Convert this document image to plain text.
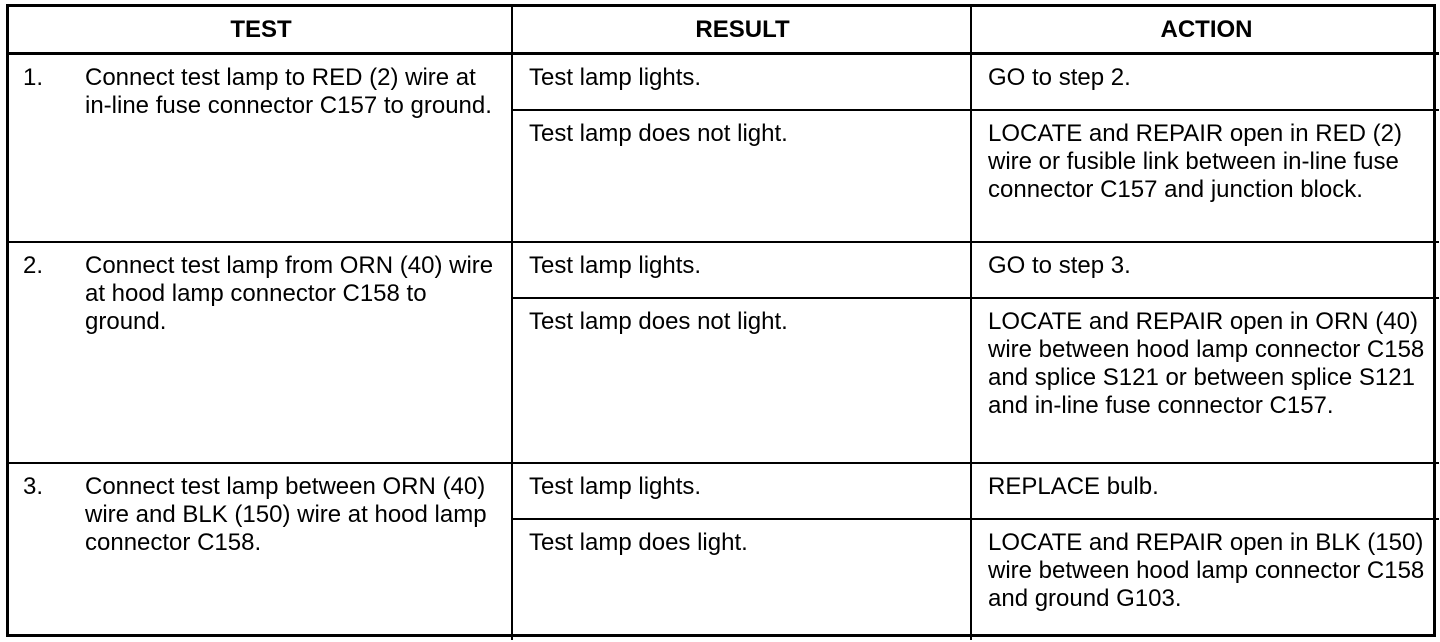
TEST	RESULT	ACTION
1.	Connect test lamp to RED (2) wire at in-line fuse connector C157 to ground.
Test lamp lights.	GO to step 2.
Test lamp does not light.	LOCATE and REPAIR open in RED (2) wire or fusible link between in-line fuse connector C157 and junction block.
2.	Connect test lamp from ORN (40) wire at hood lamp connector C158 to ground.
Test lamp lights.	GO to step 3.
Test lamp does not light.	LOCATE and REPAIR open in ORN (40) wire between hood lamp connector C158 and splice S121 or between splice S121 and in-line fuse connector C157.
3.	Connect test lamp between ORN (40) wire and BLK (150) wire at hood lamp connector C158.
Test lamp lights.	REPLACE bulb.
Test lamp does light.	LOCATE and REPAIR open in BLK (150) wire between hood lamp connector C158 and ground G103.
